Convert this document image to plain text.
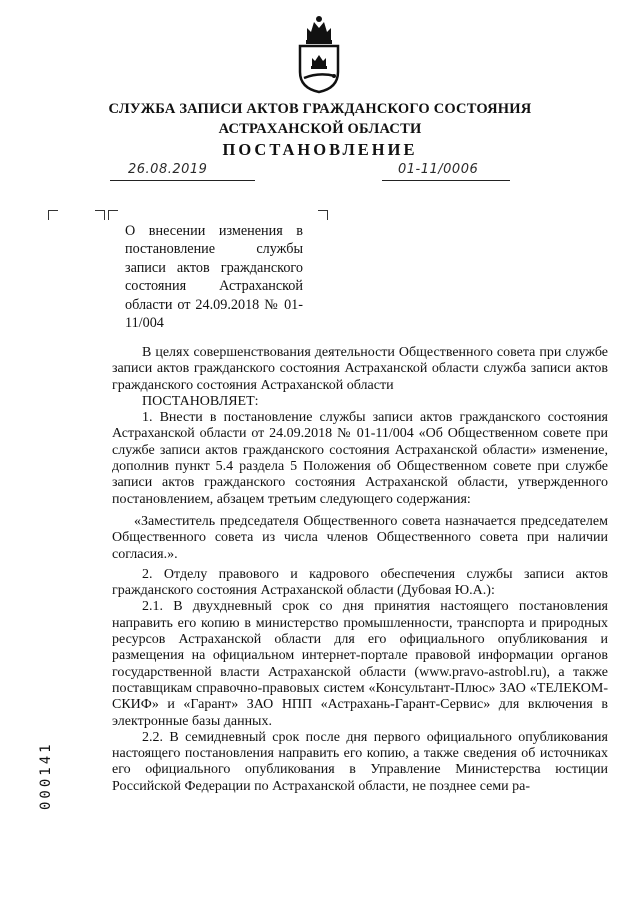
СЛУЖБА ЗАПИСИ АКТОВ ГРАЖДАНСКОГО СОСТОЯНИЯ
АСТРАХАНСКОЙ ОБЛАСТИ
ПОСТАНОВЛЕНИЕ
26.08.2019	01-11/0006
О внесении изменения в постановление службы записи актов гражданского состояния Астраханской области от 24.09.2018 № 01-11/004

В целях совершенствования деятельности Общественного совета при службе записи актов гражданского состояния Астраханской области служба записи актов гражданского состояния Астраханской области

ПОСТАНОВЛЯЕТ:

1. Внести в постановление службы записи актов гражданского состояния Астраханской области от 24.09.2018 № 01-11/004 «Об Общественном совете при службе записи актов гражданского состояния Астраханской области» изменение, дополнив пункт 5.4 раздела 5 Положения об Общественном совете при службе записи актов гражданского состояния Астраханской области, утвержденного постановлением, абзацем третьим следующего содержания:

«Заместитель председателя Общественного совета назначается председателем Общественного совета из числа членов Общественного совета при наличии согласия.».

2. Отделу правового и кадрового обеспечения службы записи актов гражданского состояния Астраханской области (Дубовая Ю.А.):

2.1. В двухдневный срок со дня принятия настоящего постановления направить его копию в министерство промышленности, транспорта и природных ресурсов Астраханской области для его официального опубликования и размещения на официальном интернет-портале правовой информации органов государственной власти Астраханской области (www.pravo-astrobl.ru), а также поставщикам справочно-правовых систем «Консультант-Плюс» ЗАО «ТЕЛЕКОМ-СКИФ» и «Гарант» ЗАО НПП «Астрахань-Гарант-Сервис» для включения в электронные базы данных.

2.2. В семидневный срок после дня первого официального опубликования настоящего постановления направить его копию, а также сведения об источниках его официального опубликования в Управление Министерства юстиции Российской Федерации по Астраханской области, не позднее семи ра-

000141
